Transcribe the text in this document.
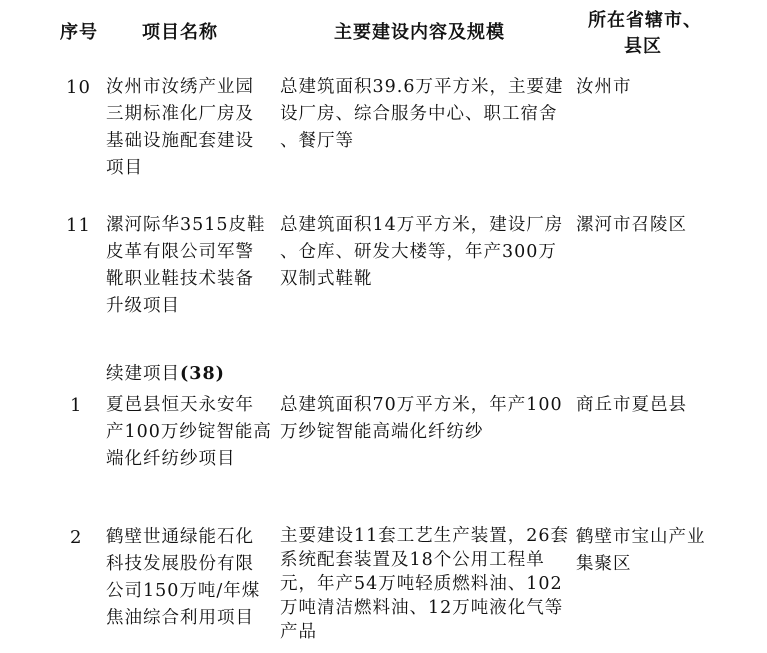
序号 项目名称	主要建设内容及规模
所在省辖市、
县区
10 汝州市汝绣产业园
三期标准化厂房及
基础设施配套建设
项目
总建筑面积39.6万平方米，主要建
设厂房、综合服务中心、职工宿舍
、餐厅等
汝州市
11 漯河际华3515皮鞋
皮革有限公司军警
靴职业鞋技术装备
升级项目
总建筑面积14万平方米，建设厂房
、仓库、研发大楼等，年产300万
双制式鞋靴
漯河市召陵区

续建项目(38)

1 夏邑县恒天永安年
产100万纱锭智能高
端化纤纺纱项目
总建筑面积70万平方米，年产100
万纱锭智能高端化纤纺纱
商丘市夏邑县
2 鹤壁世通绿能石化
科技发展股份有限
公司150万吨/年煤
焦油综合利用项目
主要建设11套工艺生产装置，26套
系统配套装置及18个公用工程单
元，年产54万吨轻质燃料油、102
万吨清洁燃料油、12万吨液化气等
产品
鹤壁市宝山产业
集聚区
